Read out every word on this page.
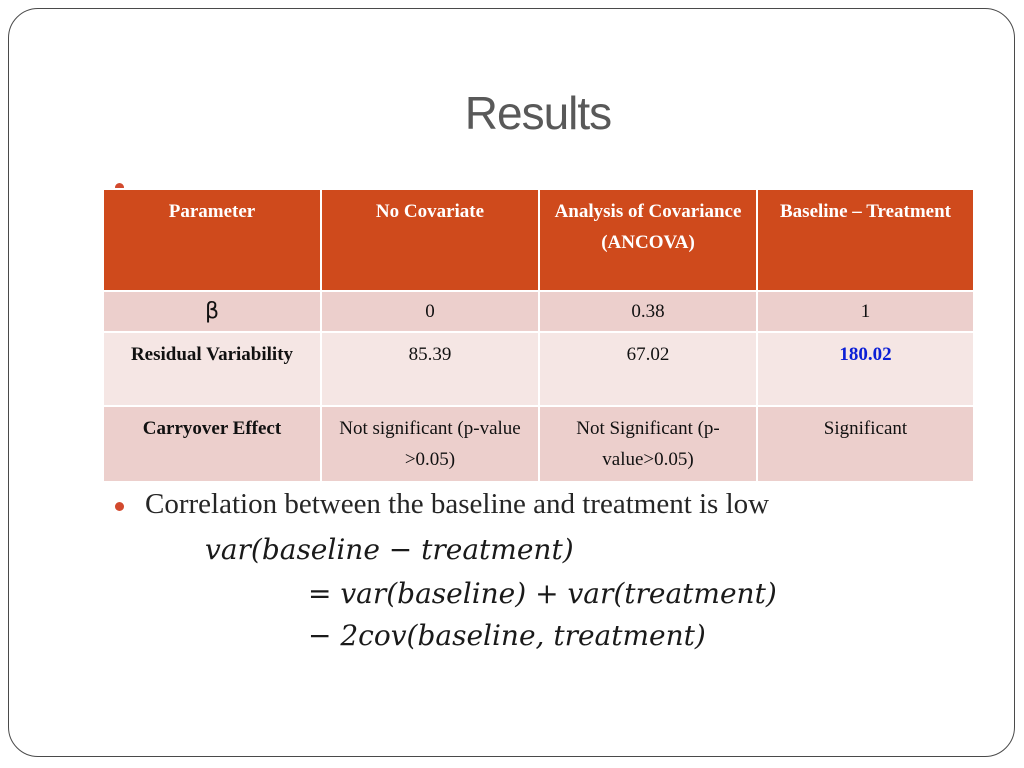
Results
Parameter	No Covariate	Analysis of Covariance (ANCOVA)	Baseline – Treatment
β	0	0.38	1
Residual Variability	85.39	67.02	180.02
Carryover Effect	Not significant (p-value >0.05)	Not Significant (p-value>0.05)	Significant
Correlation between the baseline and treatment is low
var(baseline − treatment)
= var(baseline) + var(treatment)
− 2cov(baseline, treatment)
